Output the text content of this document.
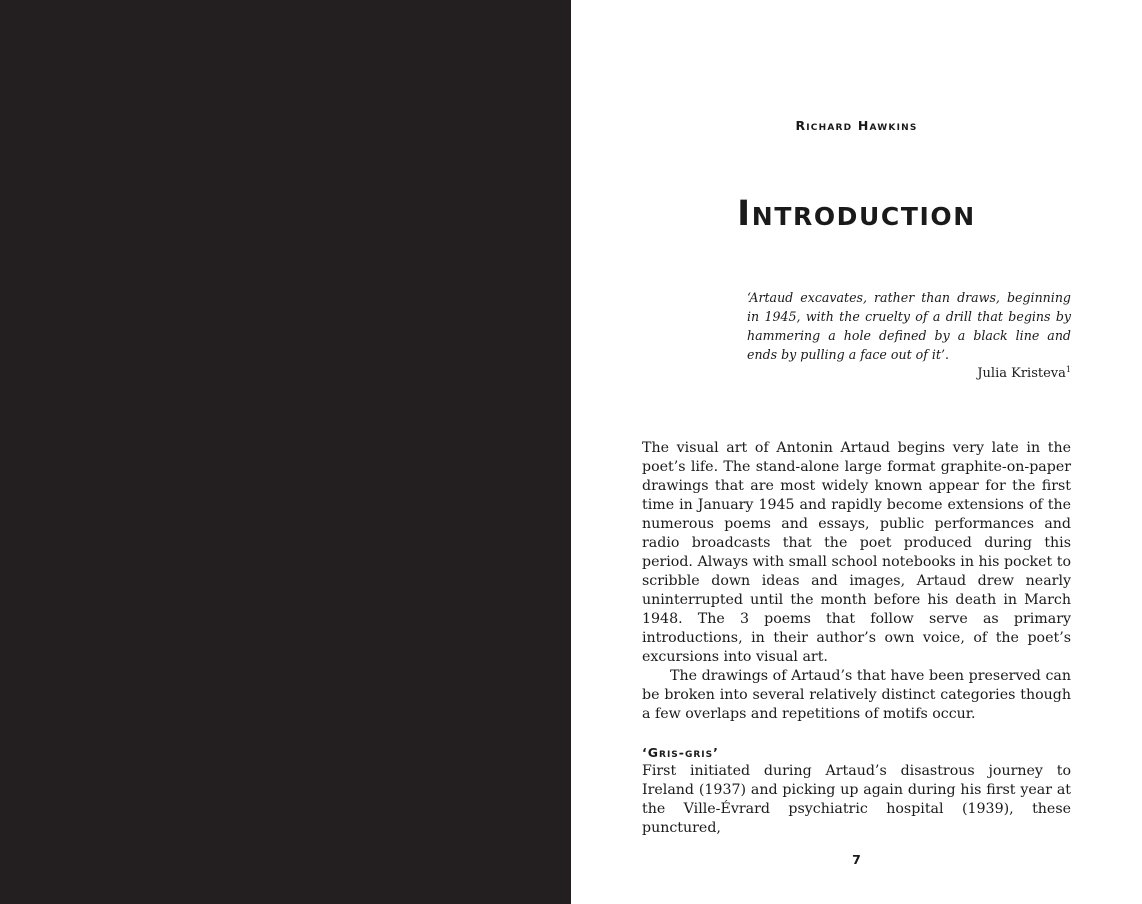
Richard Hawkins
Introduction
‘Artaud excavates, rather than draws, beginning in 1945, with the cruelty of a drill that begins by hammering a hole defined by a black line and ends by pulling a face out of it’.
Julia Kristeva$^1$

The visual art of Antonin Artaud begins very late in the poet’s life. The stand-alone large format graphite-on-paper drawings that are most widely known appear for the first time in January 1945 and rapidly become extensions of the numerous poems and essays, public performances and radio broadcasts that the poet produced during this period. Always with small school notebooks in his pocket to scribble down ideas and images, Artaud drew nearly uninterrupted until the month before his death in March 1948. The 3 poems that follow serve as primary introductions, in their author’s own voice, of the poet’s excursions into visual art.

The drawings of Artaud’s that have been preserved can be broken into several relatively distinct categories though a few overlaps and repetitions of motifs occur.

‘Gris-gris’

First initiated during Artaud’s disastrous journey to Ireland (1937) and picking up again during his first year at the Ville-Évrard psychiatric hospital (1939), these punctured,

7
